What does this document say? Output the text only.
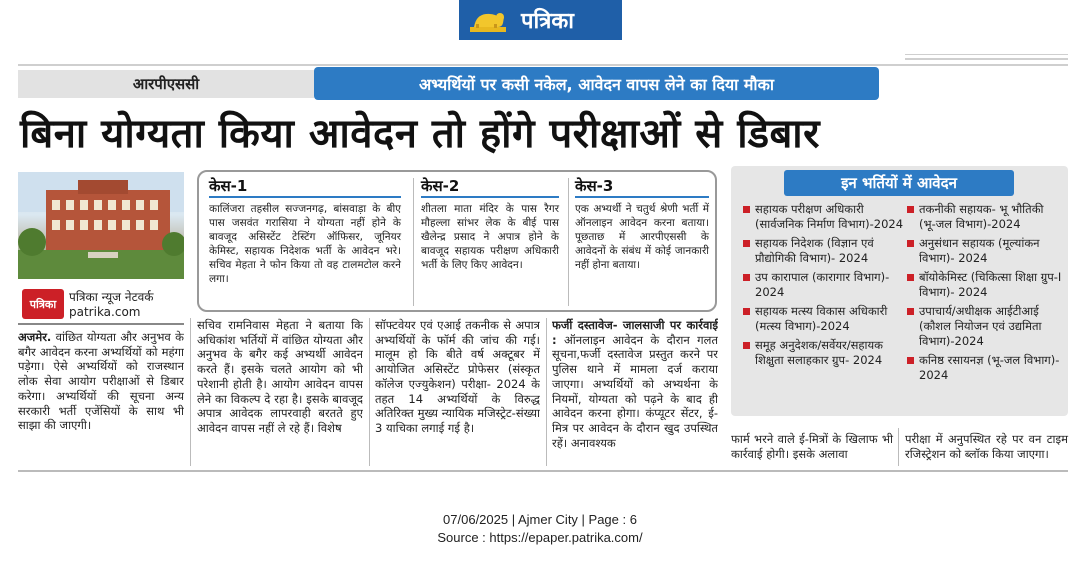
पत्रिका
आरपीएससी	अभ्यर्थियों पर कसी नकेल, आवेदन वापस लेने का दिया मौका
बिना योग्यता किया आवेदन तो होंगे परीक्षाओं से डिबार
पत्रिका	पत्रिका न्यूज नेटवर्क
patrika.com
केस-1
कालिंजरा तहसील सज्जनगढ़, बांसवाड़ा के बीए पास जसवंत गरासिया ने योग्यता नहीं होने के बावजूद असिस्टेंट टेस्टिंग ऑफिसर, जूनियर केमिस्ट, सहायक निदेशक भर्ती के आवेदन भरे। सचिव मेहता ने फोन किया तो वह टालमटोल करने लगा।
केस-2
शीतला माता मंदिर के पास रैगर मौहल्ला सांभर लेक के बीई पास खैलेन्द्र प्रसाद ने अपात्र होने के बावजूद सहायक परीक्षण अधिकारी भर्ती के लिए किए आवेदन।
केस-3
एक अभ्यर्थी ने चतुर्थ श्रेणी भर्ती में ऑनलाइन आवेदन करना बताया। पूछताछ में आरपीएससी के आवेदनों के संबंध में कोई जानकारी नहीं होना बताया।
अजमेर. वांछित योग्यता और अनुभव के बगैर आवेदन करना अभ्यर्थियों को महंगा पड़ेगा। ऐसे अभ्यर्थियों को राजस्थान लोक सेवा आयोग परीक्षाओं से डिबार करेगा। अभ्यर्थियों की सूचना अन्य सरकारी भर्ती एजेंसियों के साथ भी साझा की जाएगी।
सचिव रामनिवास मेहता ने बताया कि अधिकांश भर्तियों में वांछित योग्यता और अनुभव के बगैर कई अभ्यर्थी आवेदन करते हैं। इसके चलते आयोग को भी परेशानी होती है। आयोग आवेदन वापस लेने का विकल्प दे रहा है। इसके बावजूद अपात्र आवेदक लापरवाही बरतते हुए आवेदन वापस नहीं ले रहे हैं। विशेष
सॉफ्टवेयर एवं एआई तकनीक से अपात्र अभ्यर्थियों के फॉर्म की जांच की गई। मालूम हो कि बीते वर्ष अक्टूबर में आयोजित असिस्टेंट प्रोफेसर (संस्कृत कॉलेज एज्युकेशन) परीक्षा- 2024 के तहत 14 अभ्यर्थियों के विरुद्ध अतिरिक्त मुख्य न्यायिक मजिस्ट्रेट-संख्या 3 याचिका लगाई गई है।
फर्जी दस्तावेज- जालसाजी पर कार्रवाई : ऑनलाइन आवेदन के दौरान गलत सूचना,फर्जी दस्तावेज प्रस्तुत करने पर पुलिस थाने में मामला दर्ज कराया जाएगा। अभ्यर्थियों को अभ्यर्थना के नियमों, योग्यता को पढ़ने के बाद ही आवेदन करना होगा। कंप्यूटर सेंटर, ई-मित्र पर आवेदन के दौरान खुद उपस्थित रहें। अनावश्यक
इन भर्तियों में आवेदन
सहायक परीक्षण अधिकारी (सार्वजनिक निर्माण विभाग)-2024
सहायक निदेशक (विज्ञान एवं प्रौद्योगिकी विभाग)- 2024
उप कारापाल (कारागार विभाग)- 2024
सहायक मत्स्य विकास अधिकारी (मत्स्य विभाग)-2024
समूह अनुदेशक/सर्वेयर/सहायक शिक्षुता सलाहकार ग्रुप- 2024
तकनीकी सहायक- भू भौतिकी (भू-जल विभाग)-2024
अनुसंधान सहायक (मूल्यांकन विभाग)- 2024
बॉयोकेमिस्ट (चिकित्सा शिक्षा ग्रुप-I विभाग)- 2024
उपाचार्य/अधीक्षक आईटीआई (कौशल नियोजन एवं उद्यमिता विभाग)-2024
कनिष्ठ रसायनज्ञ (भू-जल विभाग)- 2024
फार्म भरने वाले ई-मित्रों के खिलाफ भी कार्रवाई होगी। इसके अलावा
परीक्षा में अनुपस्थित रहे पर वन टाइम रजिस्ट्रेशन को ब्लॉक किया जाएगा।
07/06/2025 | Ajmer City | Page : 6
Source : https://epaper.patrika.com/
